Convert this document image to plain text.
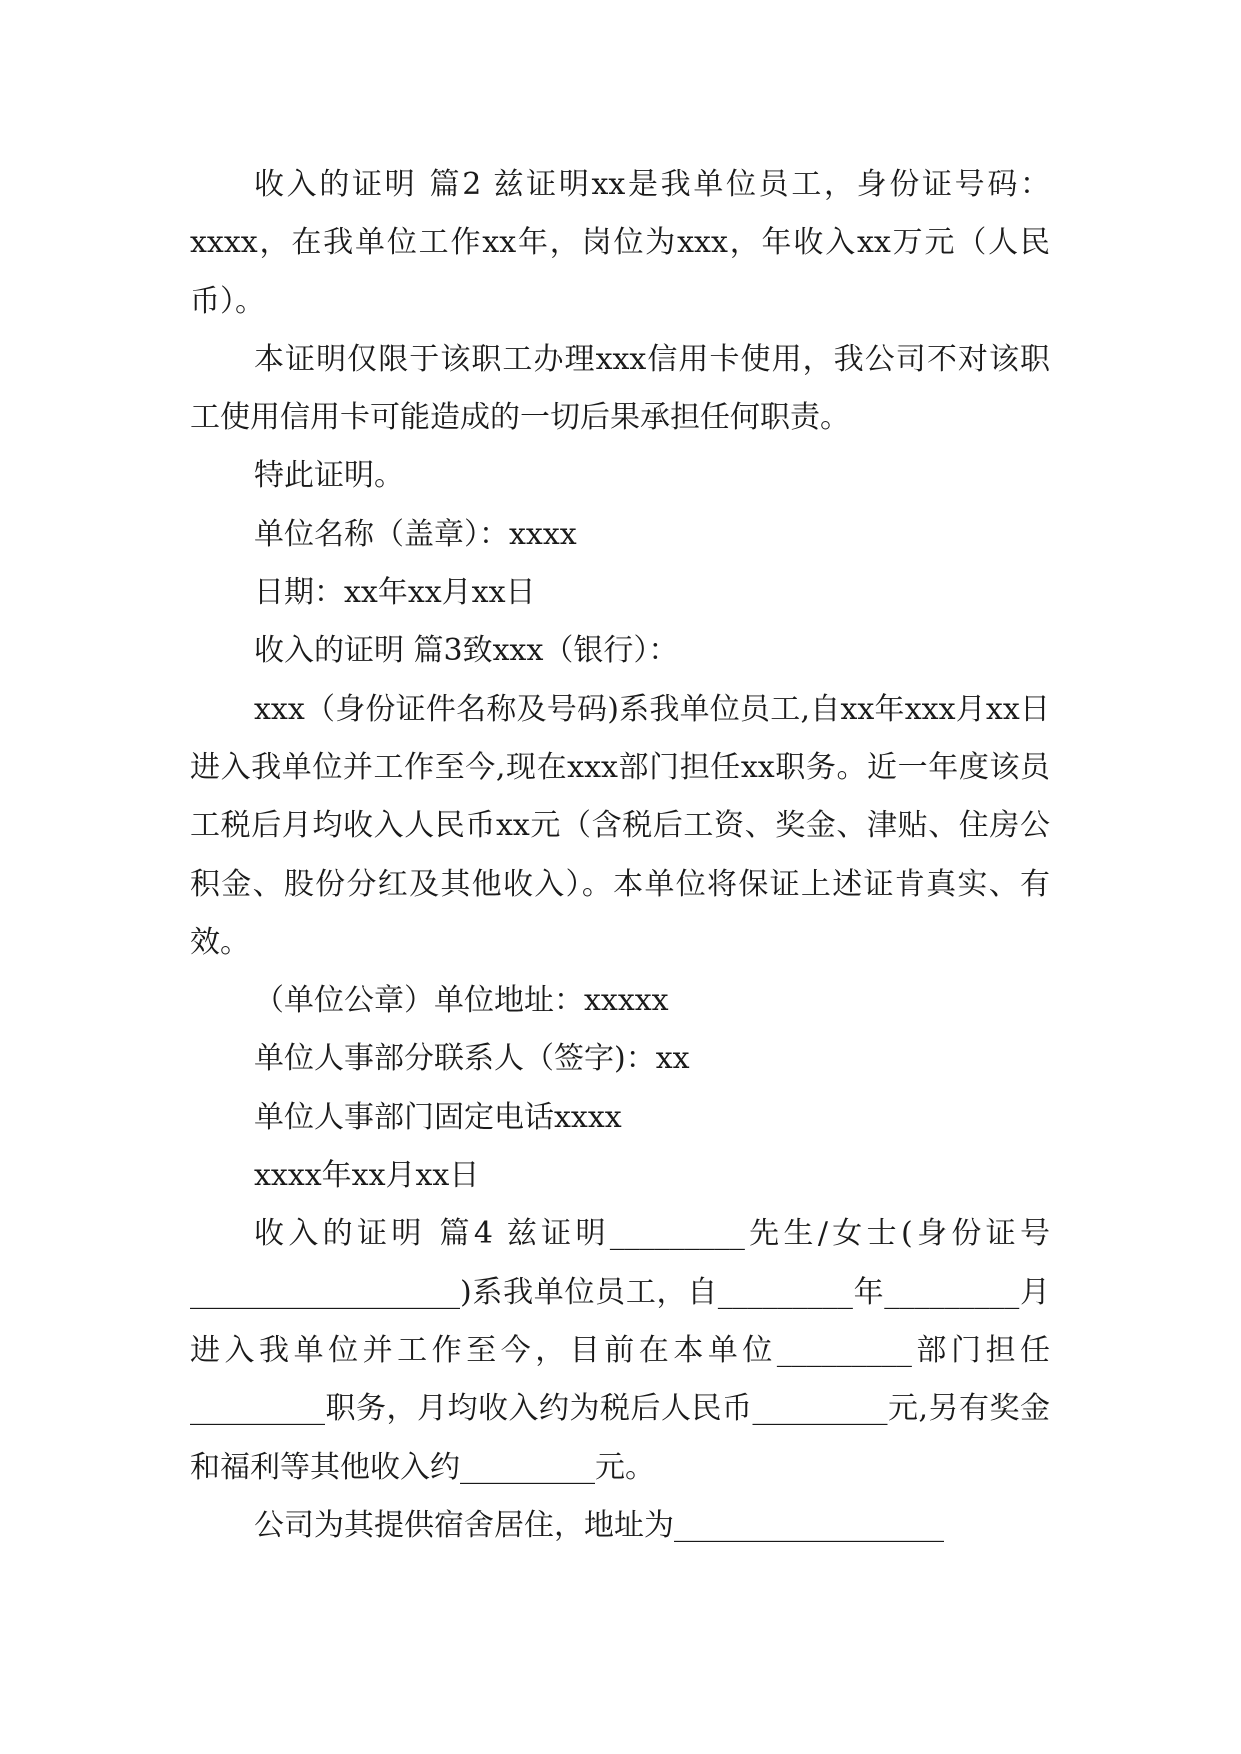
收入的证明 篇2 兹证明xx是我单位员工，身份证号码：xxxx，在我单位工作xx年，岗位为xxx，年收入xx万元（人民币）。

本证明仅限于该职工办理xxx信用卡使用，我公司不对该职工使用信用卡可能造成的一切后果承担任何职责。

特此证明。

单位名称（盖章）：xxxx

日期：xx年xx月xx日

收入的证明 篇3致xxx（银行）：

xxx（身份证件名称及号码)系我单位员工,自xx年xxx月xx日进入我单位并工作至今,现在xxx部门担任xx职务。近一年度该员工税后月均收入人民币xx元（含税后工资、奖金、津贴、住房公积金、股份分红及其他收入）。本单位将保证上述证肯真实、有效。

（单位公章）单位地址：xxxxx

单位人事部分联系人（签字)：xx

单位人事部门固定电话xxxx

xxxx年xx月xx日

收入的证明 篇4 兹证明_________先生/女士(身份证号__________________)系我单位员工，自_________年_________月进入我单位并工作至今，目前在本单位_________部门担任_________职务，月均收入约为税后人民币_________元,另有奖金和福利等其他收入约_________元。

公司为其提供宿舍居住，地址为__________________
